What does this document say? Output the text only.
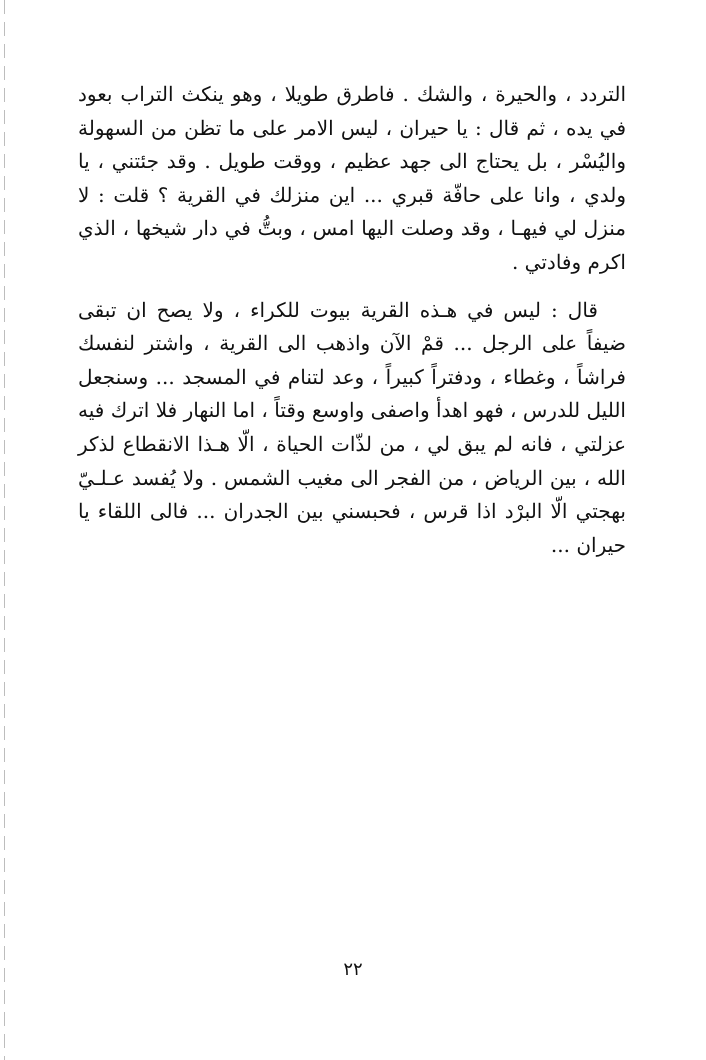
التردد ، والحيرة ، والشك . فاطرق طويلا ، وهو ينكث التراب بعود في يده ، ثم قال : يا حيران ، ليس الامر على ما تظن من السهولة واليُسْر ، بل يحتاج الى جهد عظيم ، ووقت طويل . وقد جئتني ، يا ولدي ، وانا على حافّة قبري ... اين منزلك في القرية ؟ قلت : لا منزل لي فيهـا ، وقد وصلت اليها امس ، وبتُّ في دار شيخها ، الذي اكرم وفادتي .

قال : ليس في هـذه القرية بيوت للكراء ، ولا يصح ان تبقى ضيفاً على الرجل ... قمْ الآن واذهب الى القرية ، واشتر لنفسك فراشاً ، وغطاء ، ودفتراً كبيراً ، وعد لتنام في المسجد ... وسنجعل الليل للدرس ، فهو اهدأ واصفى واوسع وقتاً ، اما النهار فلا اترك فيه عزلتي ، فانه لم يبق لي ، من لذّات الحياة ، الّا هـذا الانقطاع لذكر الله ، بين الرياض ، من الفجر الى مغيب الشمس . ولا يُفسد عـلـيّ بهجتي الّا البرْد اذا قرس ، فحبسني بين الجدران ... فالى اللقاء يا حيران ...

٢٢
